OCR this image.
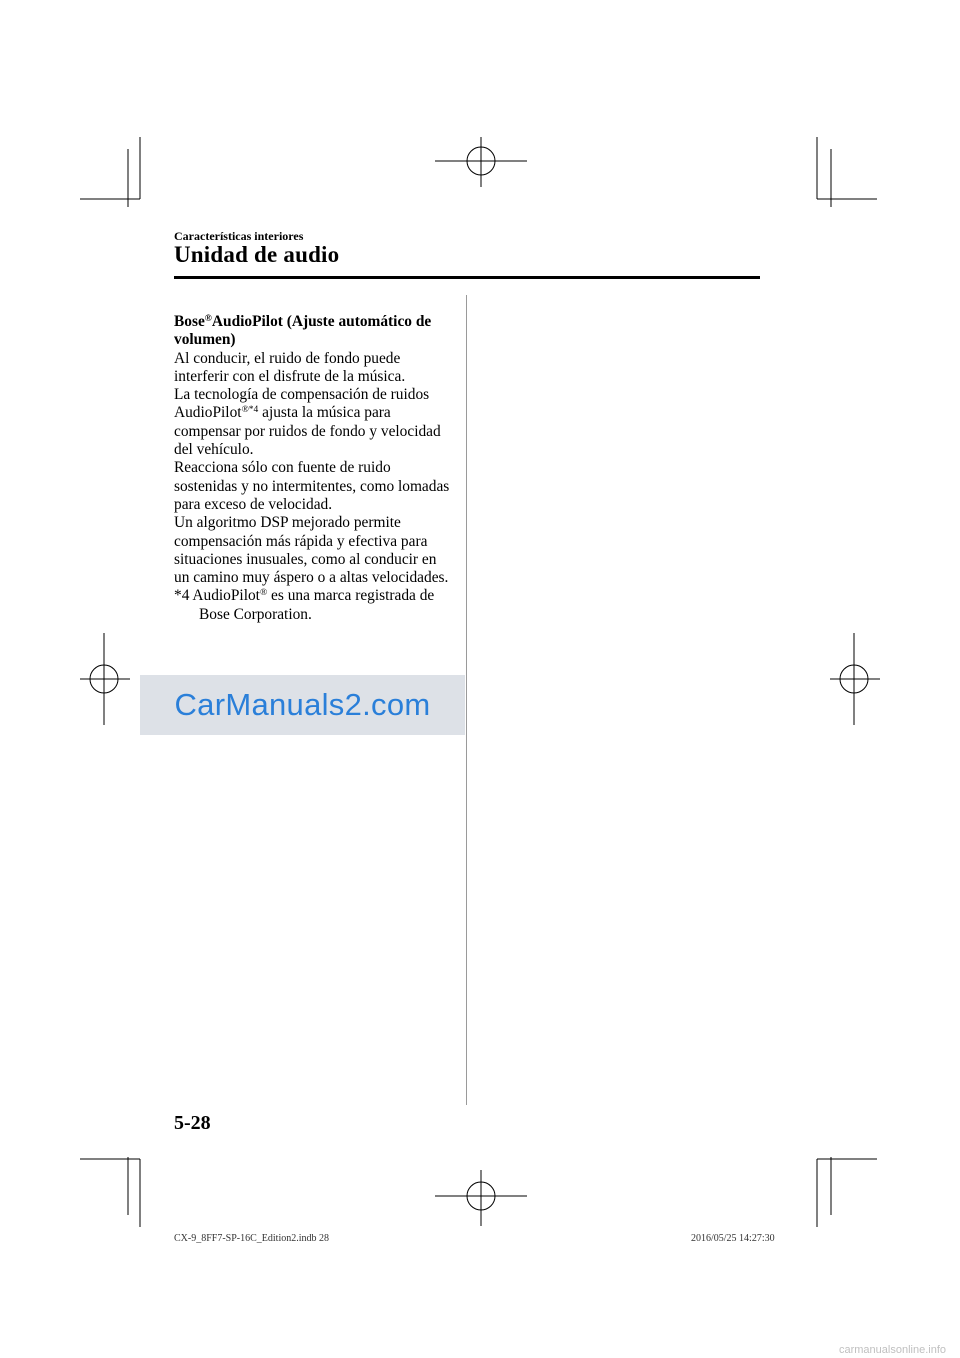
Características interiores
Unidad de audio

Bose®AudioPilot (Ajuste automático de volumen)

Al conducir, el ruido de fondo puede interferir con el disfrute de la música.

La tecnología de compensación de ruidos AudioPilot$^{®*4}$ ajusta la música para compensar por ruidos de fondo y velocidad del vehículo.

Reacciona sólo con fuente de ruido sostenidas y no intermitentes, como lomadas para exceso de velocidad.

Un algoritmo DSP mejorado permite compensación más rápida y efectiva para situaciones inusuales, como al conducir en un camino muy áspero o a altas velocidades.

*4 AudioPilot® es una marca registrada de Bose Corporation.

CarManuals2.com
5-28
CX-9_8FF7-SP-16C_Edition2.indb 28	2016/05/25 14:27:30
carmanualsonline.info
